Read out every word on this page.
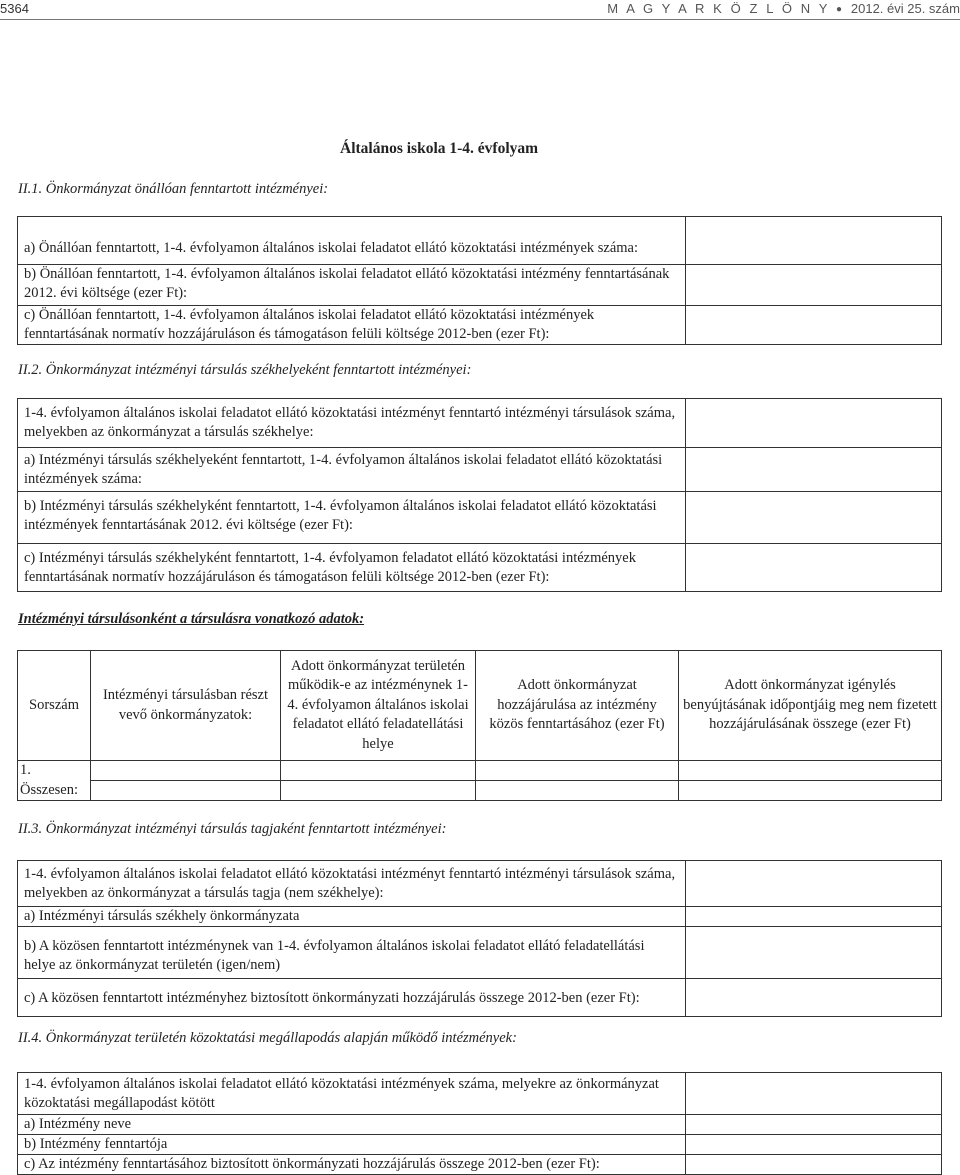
5364	M A G Y A R K Ö Z L Ö N Y ● 2012. évi 25. szám
Általános iskola 1-4. évfolyam
II.1. Önkormányzat önállóan fenntartott intézményei:
a) Önállóan fenntartott, 1-4. évfolyamon általános iskolai feladatot ellátó közoktatási intézmények száma:	
b) Önállóan fenntartott, 1-4. évfolyamon általános iskolai feladatot ellátó közoktatási intézmény fenntartásának 2012. évi költsége (ezer Ft):	
c) Önállóan fenntartott, 1-4. évfolyamon általános iskolai feladatot ellátó közoktatási intézmények fenntartásának normatív hozzájáruláson és támogatáson felüli költsége 2012-ben (ezer Ft):	
II.2. Önkormányzat intézményi társulás székhelyeként fenntartott intézményei:
1-4. évfolyamon általános iskolai feladatot ellátó közoktatási intézményt fenntartó intézményi társulások száma, melyekben az önkormányzat a társulás székhelye:	
a) Intézményi társulás székhelyeként fenntartott, 1-4. évfolyamon általános iskolai feladatot ellátó közoktatási intézmények száma:	
b) Intézményi társulás székhelyként fenntartott, 1-4. évfolyamon általános iskolai feladatot ellátó közoktatási intézmények fenntartásának 2012. évi költsége (ezer Ft):	
c) Intézményi társulás székhelyként fenntartott, 1-4. évfolyamon feladatot ellátó közoktatási intézmények fenntartásának normatív hozzájáruláson és támogatáson felüli költsége 2012-ben (ezer Ft):	
Intézményi társulásonként a társulásra vonatkozó adatok:
Sorszám	Intézményi társulásban részt vevő önkormányzatok:	Adott önkormányzat területén működik-e az intézménynek 1-4. évfolyamon általános iskolai feladatot ellátó feladatellátási helye	Adott önkormányzat hozzájárulása az intézmény közös fenntartásához (ezer Ft)	Adott önkormányzat igénylés benyújtásának időpontjáig meg nem fizetett hozzájárulásának összege (ezer Ft)
1.				
Összesen:				
II.3. Önkormányzat intézményi társulás tagjaként fenntartott intézményei:
1-4. évfolyamon általános iskolai feladatot ellátó közoktatási intézményt fenntartó intézményi társulások száma, melyekben az önkormányzat a társulás tagja (nem székhelye):	
a) Intézményi társulás székhely önkormányzata	
b) A közösen fenntartott intézménynek van 1-4. évfolyamon általános iskolai feladatot ellátó feladatellátási helye az önkormányzat területén (igen/nem)	
c) A közösen fenntartott intézményhez biztosított önkormányzati hozzájárulás összege 2012-ben (ezer Ft):	
II.4. Önkormányzat területén közoktatási megállapodás alapján működő intézmények:
1-4. évfolyamon általános iskolai feladatot ellátó közoktatási intézmények száma, melyekre az önkormányzat közoktatási megállapodást kötött	
a) Intézmény neve	
b) Intézmény fenntartója	
c) Az intézmény fenntartásához biztosított önkormányzati hozzájárulás összege 2012-ben (ezer Ft):	
